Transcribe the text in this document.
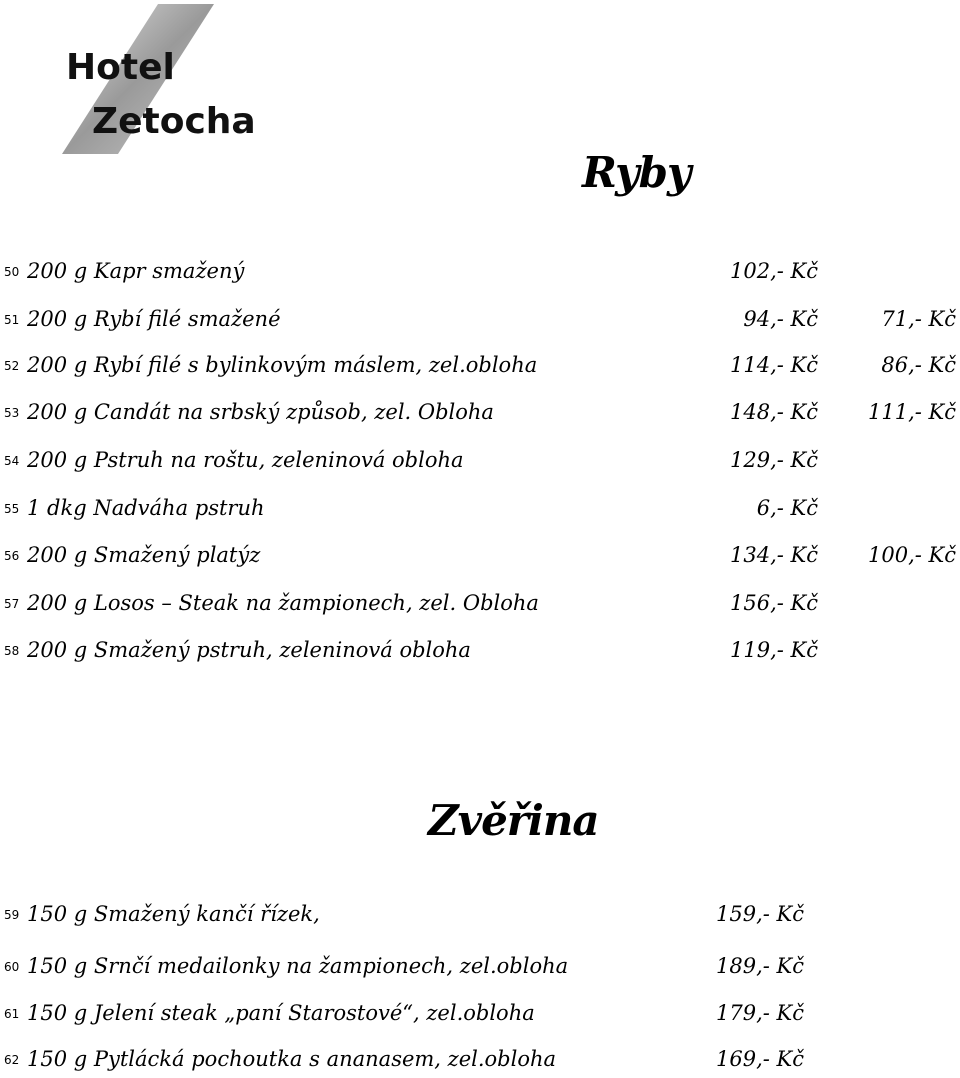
★★★
Hotel
Zetocha
Ryby
50 200 g Kapr smažený	102,- Kč
51 200 g Rybí filé smažené	94,- Kč	71,- Kč
52 200 g Rybí filé s bylinkovým máslem, zel.obloha	114,- Kč	86,- Kč
53 200 g Candát na srbský způsob, zel. Obloha	148,- Kč 111,- Kč
54 200 g Pstruh na roštu, zeleninová obloha	129,- Kč
55 1 dkg Nadváha pstruh	6,- Kč
56 200 g Smažený platýz	134,- Kč 100,- Kč
57 200 g Losos – Steak na žampionech, zel. Obloha	156,- Kč
58 200 g Smažený pstruh, zeleninová obloha	119,- Kč
Zvěřina
59 150 g Smažený kančí řízek,	159,- Kč
60 150 g Srnčí medailonky na žampionech, zel.obloha	189,- Kč
61 150 g Jelení steak „paní Starostové“, zel.obloha	179,- Kč
62 150 g Pytlácká pochoutka s ananasem, zel.obloha	169,- Kč
